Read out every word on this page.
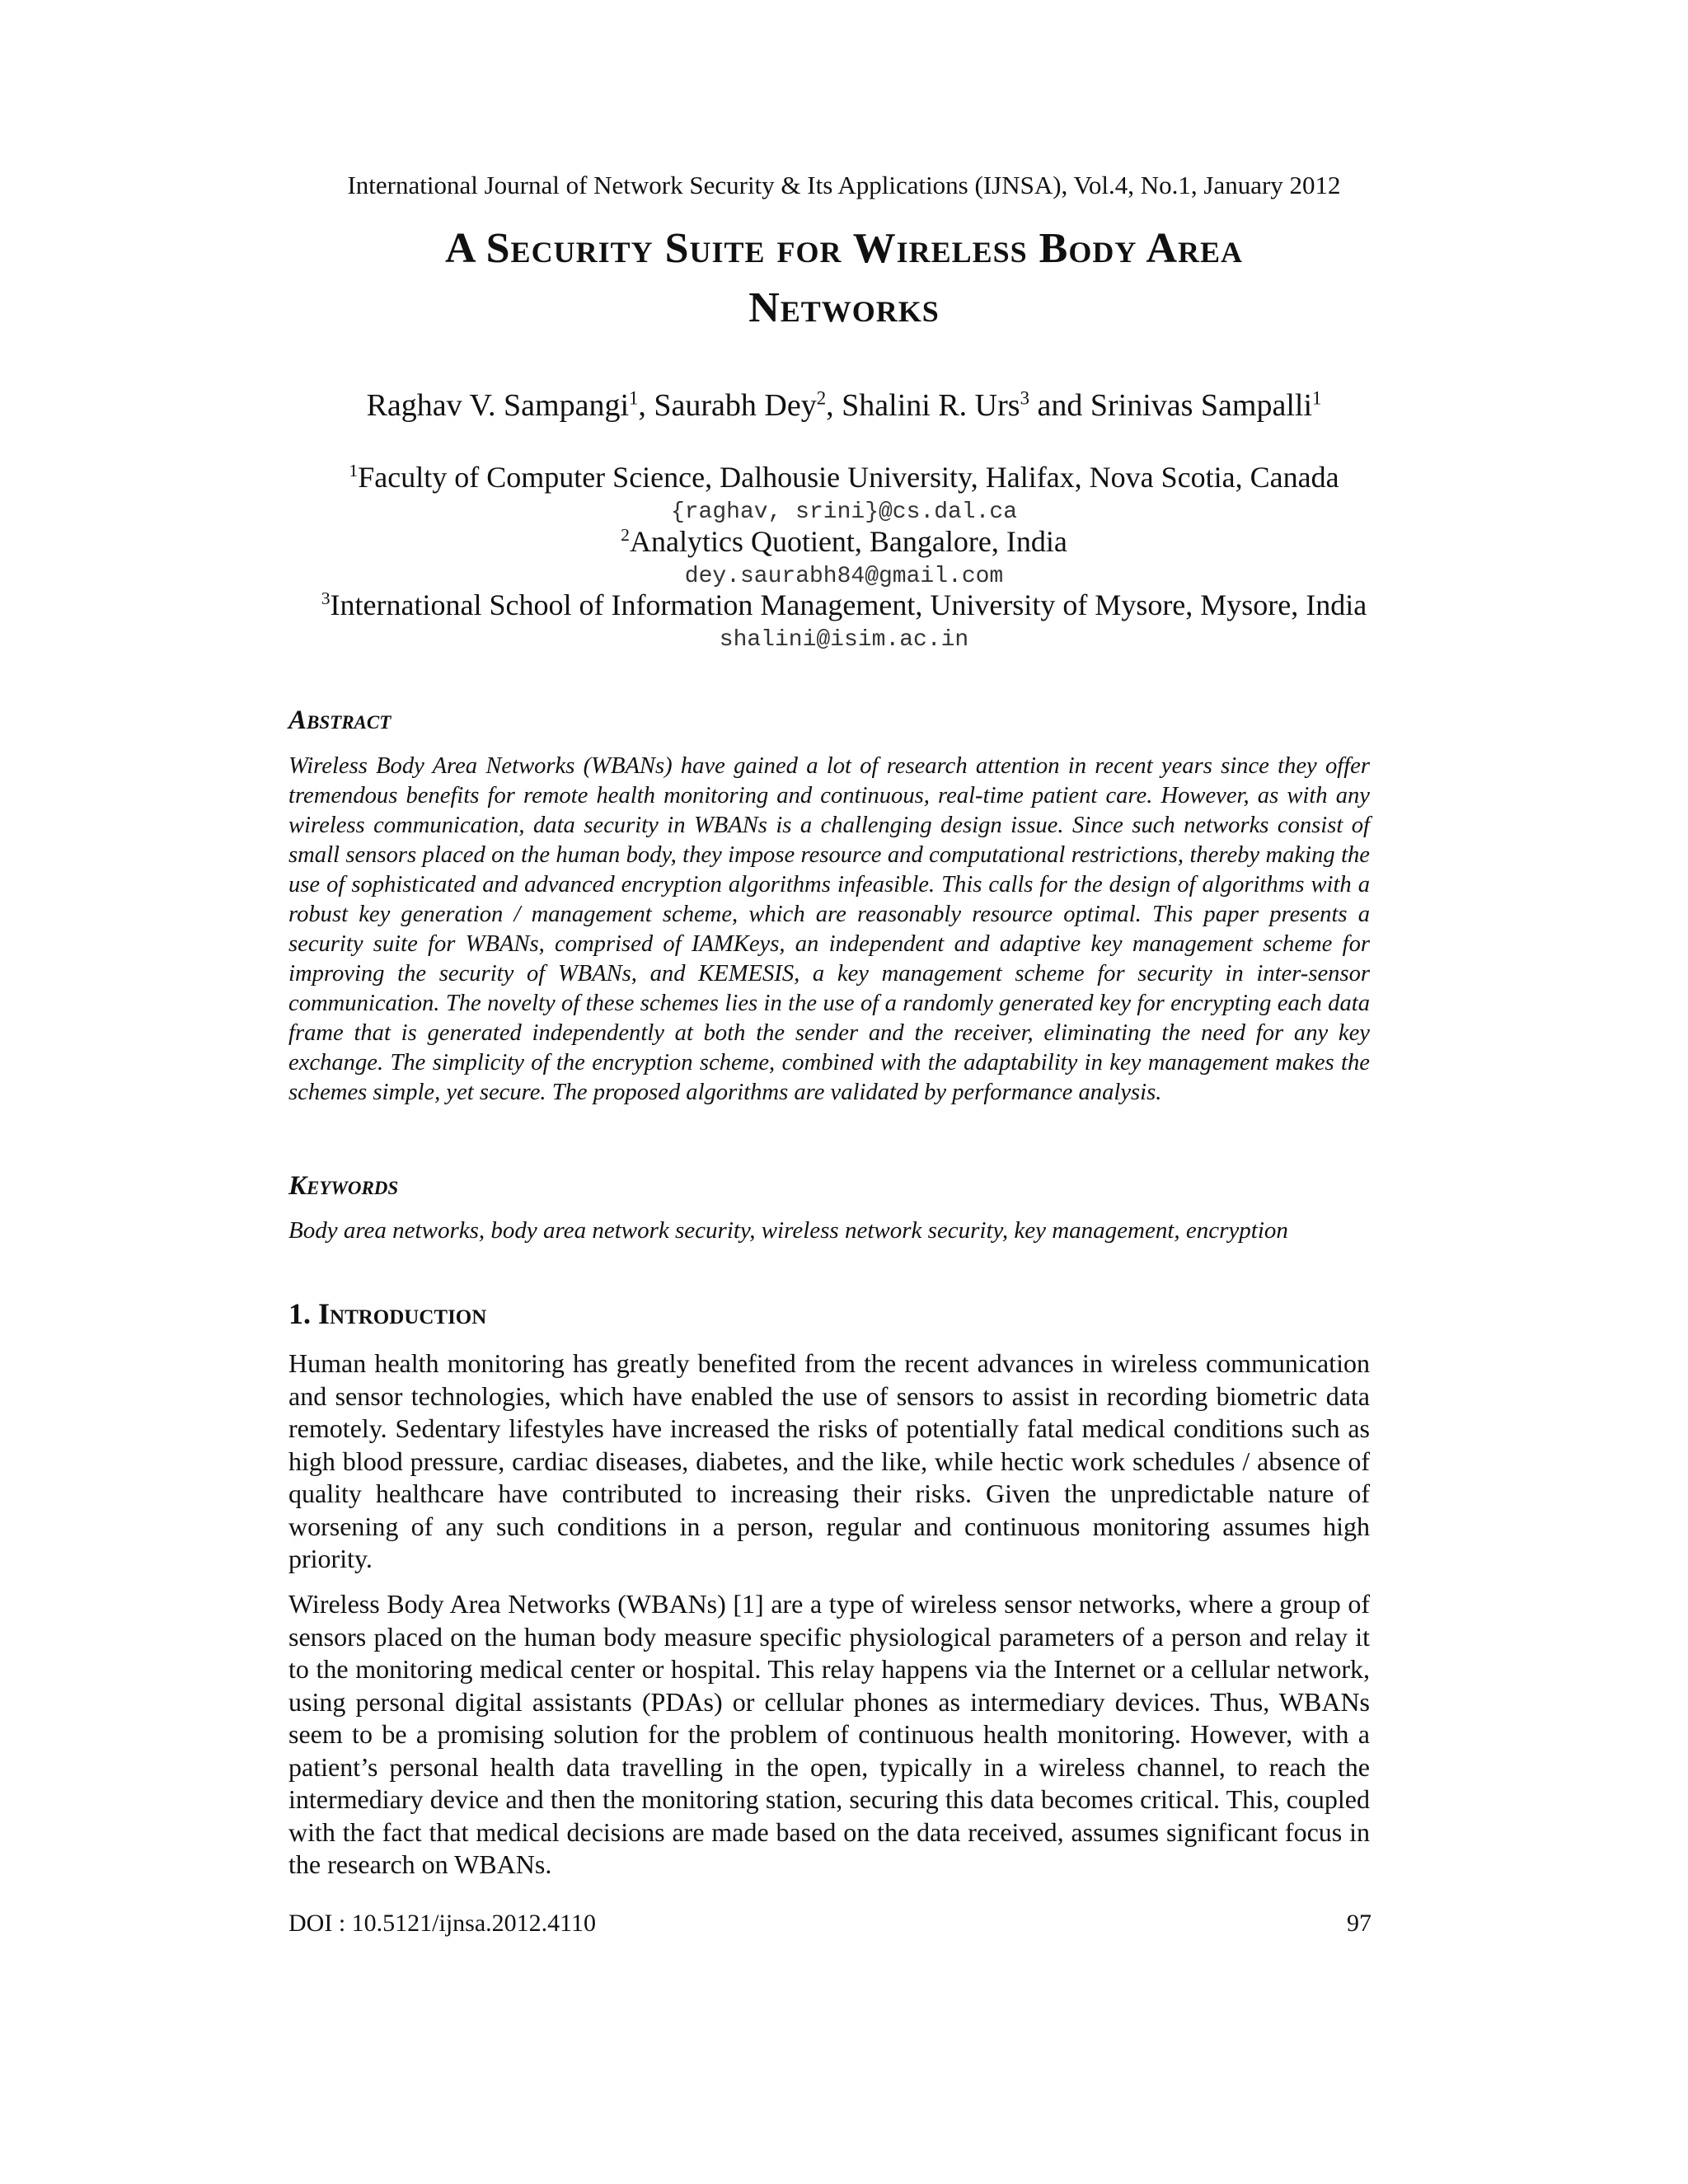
International Journal of Network Security & Its Applications (IJNSA), Vol.4, No.1, January 2012
A Security Suite for Wireless Body Area
Networks
Raghav V. Sampangi$^1$, Saurabh Dey$^2$, Shalini R. Urs$^3$ and Srinivas Sampalli$^1$
$^1$Faculty of Computer Science, Dalhousie University, Halifax, Nova Scotia, Canada
{raghav, srini}@cs.dal.ca
$^2$Analytics Quotient, Bangalore, India
dey.saurabh84@gmail.com
$^3$International School of Information Management, University of Mysore, Mysore, India
shalini@isim.ac.in
Abstract
Wireless Body Area Networks (WBANs) have gained a lot of research attention in recent years since they offer tremendous benefits for remote health monitoring and continuous, real-time patient care. However, as with any wireless communication, data security in WBANs is a challenging design issue. Since such networks consist of small sensors placed on the human body, they impose resource and computational restrictions, thereby making the use of sophisticated and advanced encryption algorithms infeasible. This calls for the design of algorithms with a robust key generation / management scheme, which are reasonably resource optimal. This paper presents a security suite for WBANs, comprised of IAMKeys, an independent and adaptive key management scheme for improving the security of WBANs, and KEMESIS, a key management scheme for security in inter-sensor communication. The novelty of these schemes lies in the use of a randomly generated key for encrypting each data frame that is generated independently at both the sender and the receiver, eliminating the need for any key exchange. The simplicity of the encryption scheme, combined with the adaptability in key management makes the schemes simple, yet secure. The proposed algorithms are validated by performance analysis.
Keywords
Body area networks, body area network security, wireless network security, key management, encryption
1. Introduction
Human health monitoring has greatly benefited from the recent advances in wireless communication and sensor technologies, which have enabled the use of sensors to assist in recording biometric data remotely. Sedentary lifestyles have increased the risks of potentially fatal medical conditions such as high blood pressure, cardiac diseases, diabetes, and the like, while hectic work schedules / absence of quality healthcare have contributed to increasing their risks. Given the unpredictable nature of worsening of any such conditions in a person, regular and continuous monitoring assumes high priority.
Wireless Body Area Networks (WBANs) [1] are a type of wireless sensor networks, where a group of sensors placed on the human body measure specific physiological parameters of a person and relay it to the monitoring medical center or hospital. This relay happens via the Internet or a cellular network, using personal digital assistants (PDAs) or cellular phones as intermediary devices. Thus, WBANs seem to be a promising solution for the problem of continuous health monitoring. However, with a patient’s personal health data travelling in the open, typically in a wireless channel, to reach the intermediary device and then the monitoring station, securing this data becomes critical. This, coupled with the fact that medical decisions are made based on the data received, assumes significant focus in the research on WBANs.
DOI : 10.5121/ijnsa.2012.4110	97
